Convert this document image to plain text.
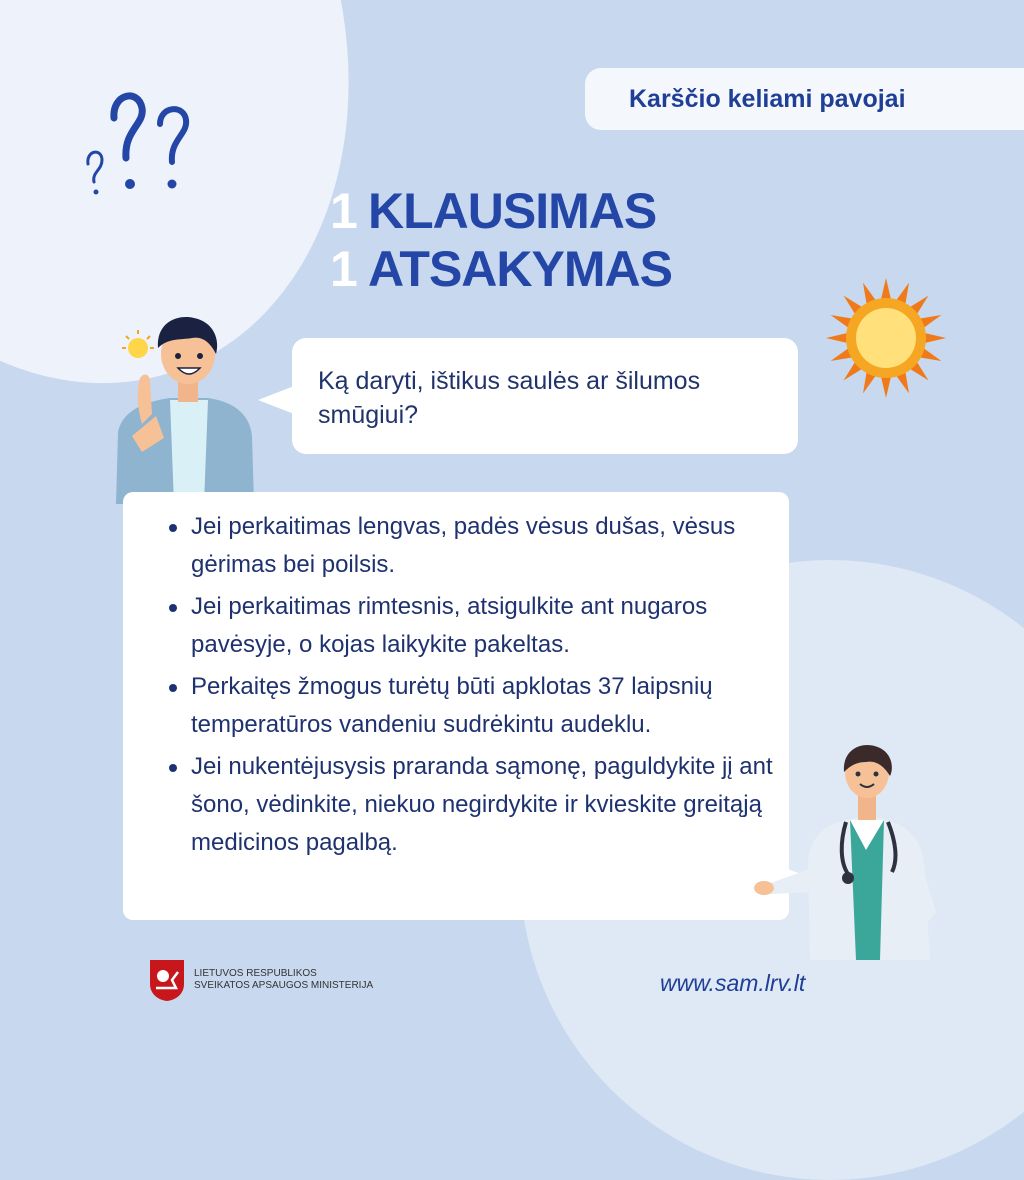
Karščio keliami pavojai
1 KLAUSIMAS
1 ATSAKYMAS
Ką daryti, ištikus saulės ar šilumos smūgiui?
Jei perkaitimas lengvas, padės vėsus dušas, vėsus gėrimas bei poilsis.
Jei perkaitimas rimtesnis, atsigulkite ant nugaros pavėsyje, o kojas laikykite pakeltas.
Perkaitęs žmogus turėtų būti apklotas 37 laipsnių temperatūros vandeniu sudrėkintu audeklu.
Jei nukentėjusysis praranda sąmonę, paguldykite jį ant šono, vėdinkite, niekuo negirdykite ir kvieskite greitąją medicinos pagalbą.
LIETUVOS RESPUBLIKOS
SVEIKATOS APSAUGOS MINISTERIJA	www.sam.lrv.lt
